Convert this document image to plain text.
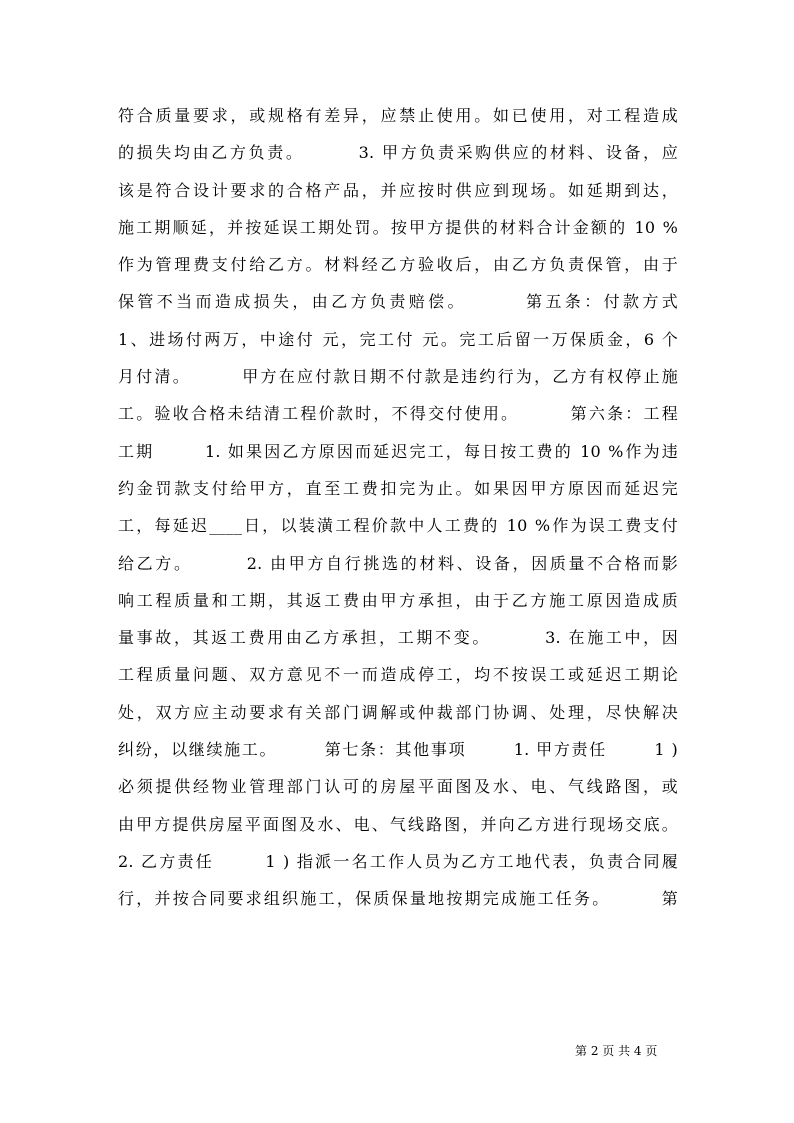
符合质量要求，或规格有差异，应禁止使用。如已使用，对工程造成
的损失均由乙方负责。       3. 甲方负责采购供应的材料、设备，应
该是符合设计要求的合格产品，并应按时供应到现场。如延期到达，
施工期顺延，并按延误工期处罚。按甲方提供的材料合计金额的 10 %
作为管理费支付给乙方。材料经乙方验收后，由乙方负责保管，由于
保管不当而造成损失，由乙方负责赔偿。       第五条：付款方式
1、进场付两万，中途付 元，完工付 元。完工后留一万保质金，6 个
月付清。       甲方在应付款日期不付款是违约行为，乙方有权停止施
工。验收合格未结清工程价款时，不得交付使用。       第六条：工程
工期       1. 如果因乙方原因而延迟完工，每日按工费的 10 %作为违
约金罚款支付给甲方，直至工费扣完为止。如果因甲方原因而延迟完
工，每延迟____日，以装潢工程价款中人工费的 10 %作为误工费支付
给乙方。       2. 由甲方自行挑选的材料、设备，因质量不合格而影
响工程质量和工期，其返工费由甲方承担，由于乙方施工原因造成质
量事故，其返工费用由乙方承担，工期不变。       3. 在施工中，因
工程质量问题、双方意见不一而造成停工，均不按误工或延迟工期论
处，双方应主动要求有关部门调解或仲裁部门协调、处理，尽快解决
纠纷，以继续施工。       第七条：其他事项       1. 甲方责任       1 )
必须提供经物业管理部门认可的房屋平面图及水、电、气线路图，或
由甲方提供房屋平面图及水、电、气线路图，并向乙方进行现场交底。
2. 乙方责任       1 ) 指派一名工作人员为乙方工地代表，负责合同履
行，并按合同要求组织施工，保质保量地按期完成施工任务。       第
第 2 页 共 4 页
